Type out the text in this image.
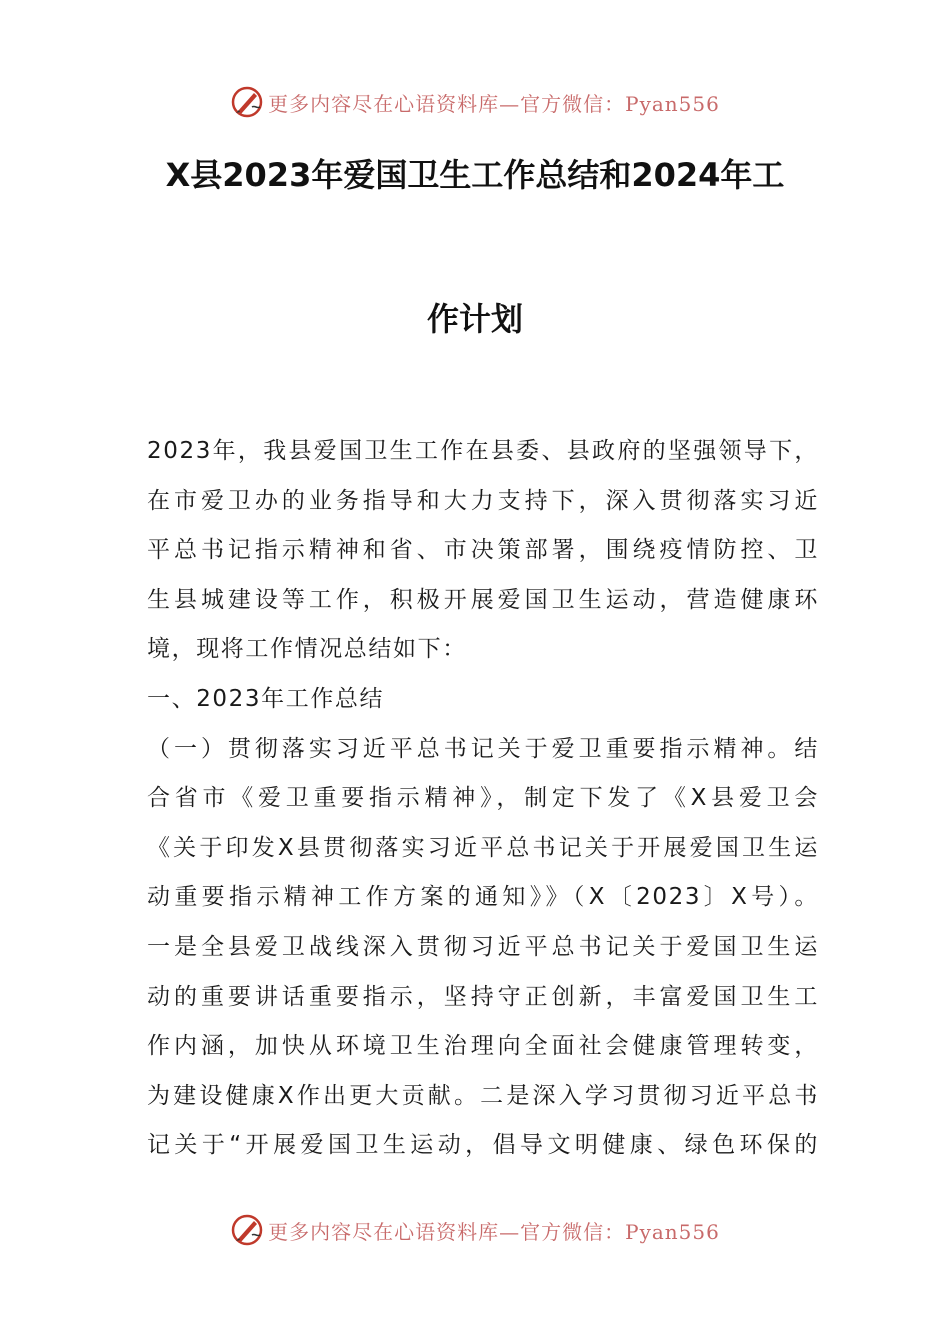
更多内容尽在心语资料库—官方微信：Pyan556
X县2023年爱国卫生工作总结和2024年工
作计划
2023年，我县爱国卫生工作在县委、县政府的坚强领导下，
在市爱卫办的业务指导和大力支持下，深入贯彻落实习近
平总书记指示精神和省、市决策部署，围绕疫情防控、卫
生县城建设等工作，积极开展爱国卫生运动，营造健康环
境，现将工作情况总结如下：
一、2023年工作总结
（一）贯彻落实习近平总书记关于爱卫重要指示精神。结
合省市《爱卫重要指示精神》，制定下发了《X县爱卫会
《关于印发X县贯彻落实习近平总书记关于开展爱国卫生运
动重要指示精神工作方案的通知》》（X〔2023〕X号）。
一是全县爱卫战线深入贯彻习近平总书记关于爱国卫生运
动的重要讲话重要指示，坚持守正创新，丰富爱国卫生工
作内涵，加快从环境卫生治理向全面社会健康管理转变，
为建设健康X作出更大贡献。二是深入学习贯彻习近平总书
记关于“开展爱国卫生运动，倡导文明健康、绿色环保的
更多内容尽在心语资料库—官方微信：Pyan556
